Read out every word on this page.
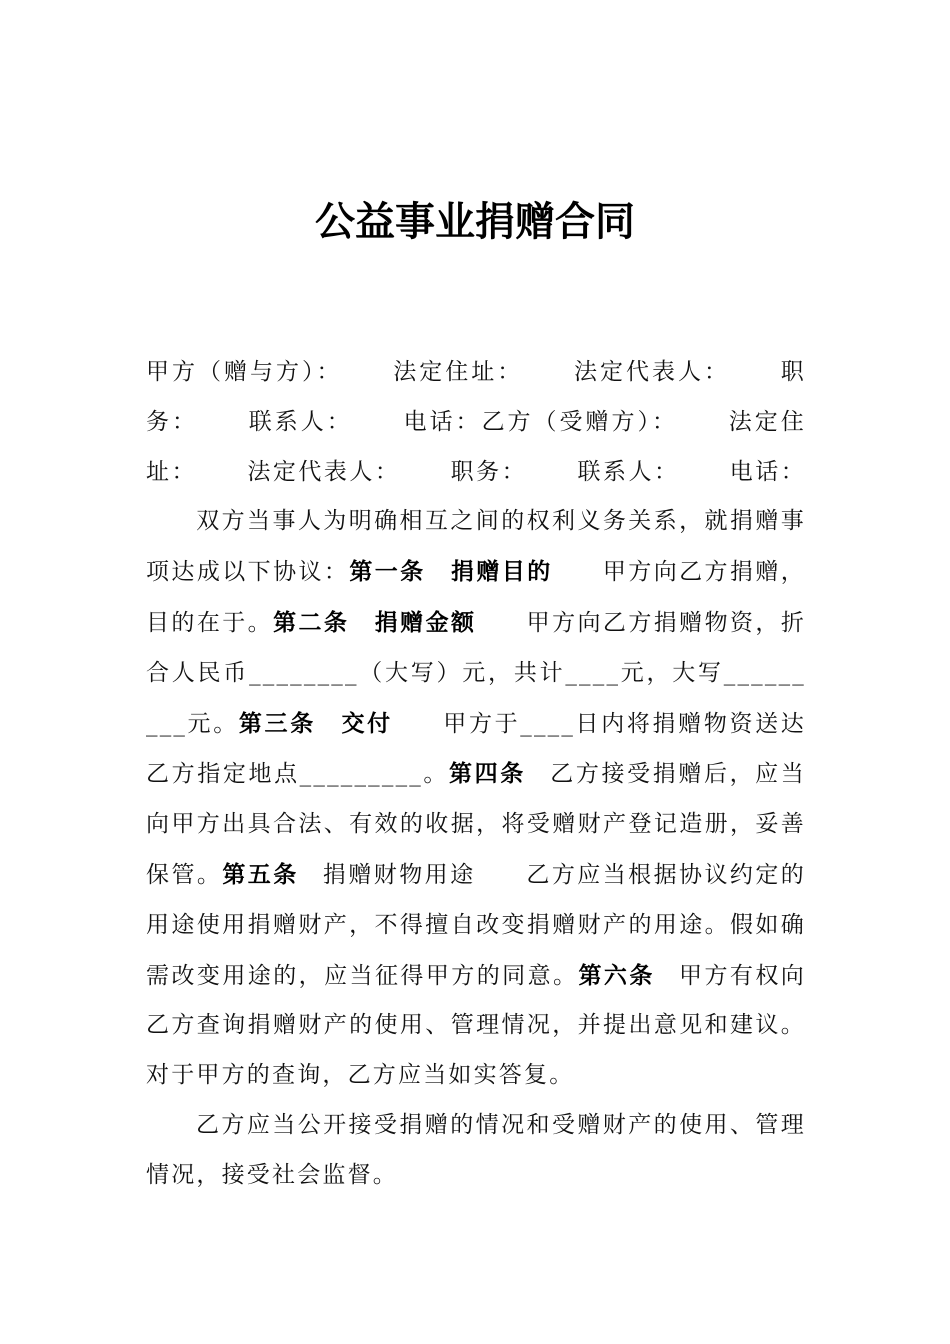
公益事业捐赠合同

甲方（赠与方）： 法定住址： 法定代表人： 职务： 联系人： 电话：乙方（受赠方）： 法定住址： 法定代表人： 职务： 联系人： 电话：双方当事人为明确相互之间的权利义务关系，就捐赠事项达成以下协议：第一条　捐赠目的 甲方向乙方捐赠，目的在于。第二条　捐赠金额 甲方向乙方捐赠物资，折合人民币________（大写）元，共计____元，大写_________元。第三条　交付 甲方于____日内将捐赠物资送达乙方指定地点_________。第四条 乙方接受捐赠后，应当向甲方出具合法、有效的收据，将受赠财产登记造册，妥善保管。第五条 捐赠财物用途　　乙方应当根据协议约定的用途使用捐赠财产，不得擅自改变捐赠财产的用途。假如确需改变用途的，应当征得甲方的同意。第六条 甲方有权向乙方查询捐赠财产的使用、管理情况，并提出意见和建议。对于甲方的查询，乙方应当如实答复。

乙方应当公开接受捐赠的情况和受赠财产的使用、管理情况，接受社会监督。
